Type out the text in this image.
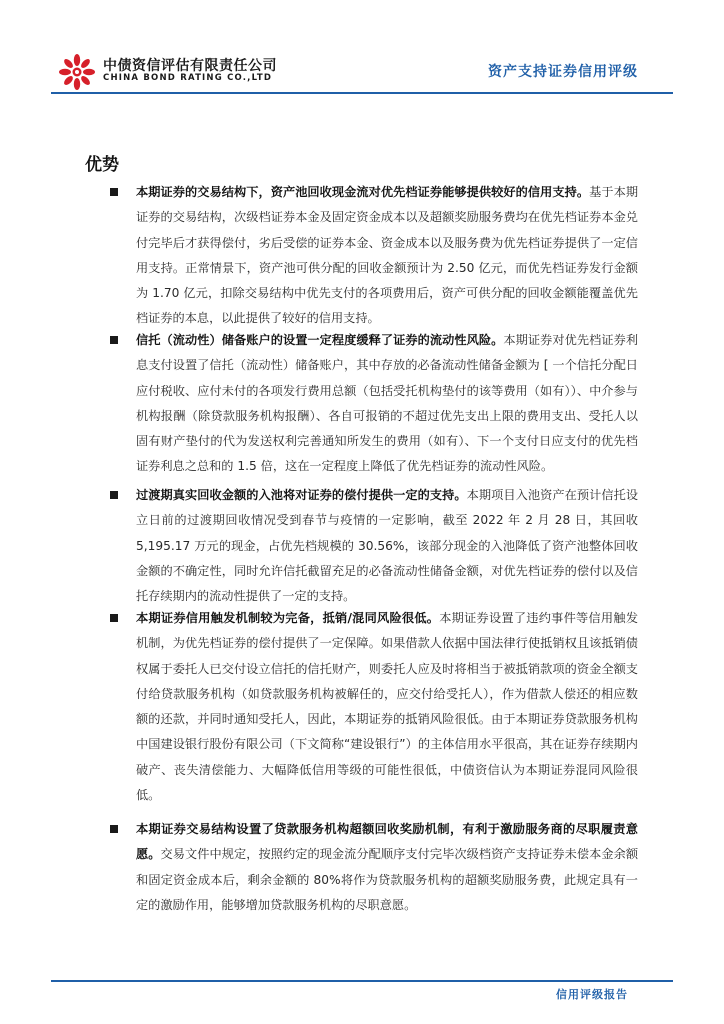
中债资信评估有限责任公司
CHINA BOND RATING CO.,LTD	资产支持证券信用评级
优势
本期证券的交易结构下，资产池回收现金流对优先档证券能够提供较好的信用支持。基于本期证券的交易结构，次级档证券本金及固定资金成本以及超额奖励服务费均在优先档证券本金兑付完毕后才获得偿付，劣后受偿的证券本金、资金成本以及服务费为优先档证券提供了一定信用支持。正常情景下，资产池可供分配的回收金额预计为 2.50 亿元，而优先档证券发行金额为 1.70 亿元，扣除交易结构中优先支付的各项费用后，资产可供分配的回收金额能覆盖优先档证券的本息，以此提供了较好的信用支持。
信托（流动性）储备账户的设置一定程度缓释了证券的流动性风险。本期证券对优先档证券利息支付设置了信托（流动性）储备账户，其中存放的必备流动性储备金额为 [ 一个信托分配日应付税收、应付未付的各项发行费用总额（包括受托机构垫付的该等费用（如有））、中介参与机构报酬（除贷款服务机构报酬）、各自可报销的不超过优先支出上限的费用支出、受托人以固有财产垫付的代为发送权利完善通知所发生的费用（如有）、下一个支付日应支付的优先档证券利息之总和的 1.5 倍，这在一定程度上降低了优先档证券的流动性风险。
过渡期真实回收金额的入池将对证券的偿付提供一定的支持。本期项目入池资产在预计信托设立日前的过渡期回收情况受到春节与疫情的一定影响，截至 2022 年 2 月 28 日，其回收 5,195.17 万元的现金，占优先档规模的 30.56%，该部分现金的入池降低了资产池整体回收金额的不确定性，同时允许信托截留充足的必备流动性储备金额，对优先档证券的偿付以及信托存续期内的流动性提供了一定的支持。
本期证券信用触发机制较为完备，抵销/混同风险很低。本期证券设置了违约事件等信用触发机制，为优先档证券的偿付提供了一定保障。如果借款人依据中国法律行使抵销权且该抵销债权属于委托人已交付设立信托的信托财产，则委托人应及时将相当于被抵销款项的资金全额支付给贷款服务机构（如贷款服务机构被解任的，应交付给受托人），作为借款人偿还的相应数额的还款，并同时通知受托人，因此，本期证券的抵销风险很低。由于本期证券贷款服务机构中国建设银行股份有限公司（下文简称“建设银行”）的主体信用水平很高，其在证券存续期内破产、丧失清偿能力、大幅降低信用等级的可能性很低，中债资信认为本期证券混同风险很低。
本期证券交易结构设置了贷款服务机构超额回收奖励机制，有利于激励服务商的尽职履责意愿。交易文件中规定，按照约定的现金流分配顺序支付完毕次级档资产支持证券未偿本金余额和固定资金成本后，剩余金额的 80%将作为贷款服务机构的超额奖励服务费，此规定具有一定的激励作用，能够增加贷款服务机构的尽职意愿。
信用评级报告
